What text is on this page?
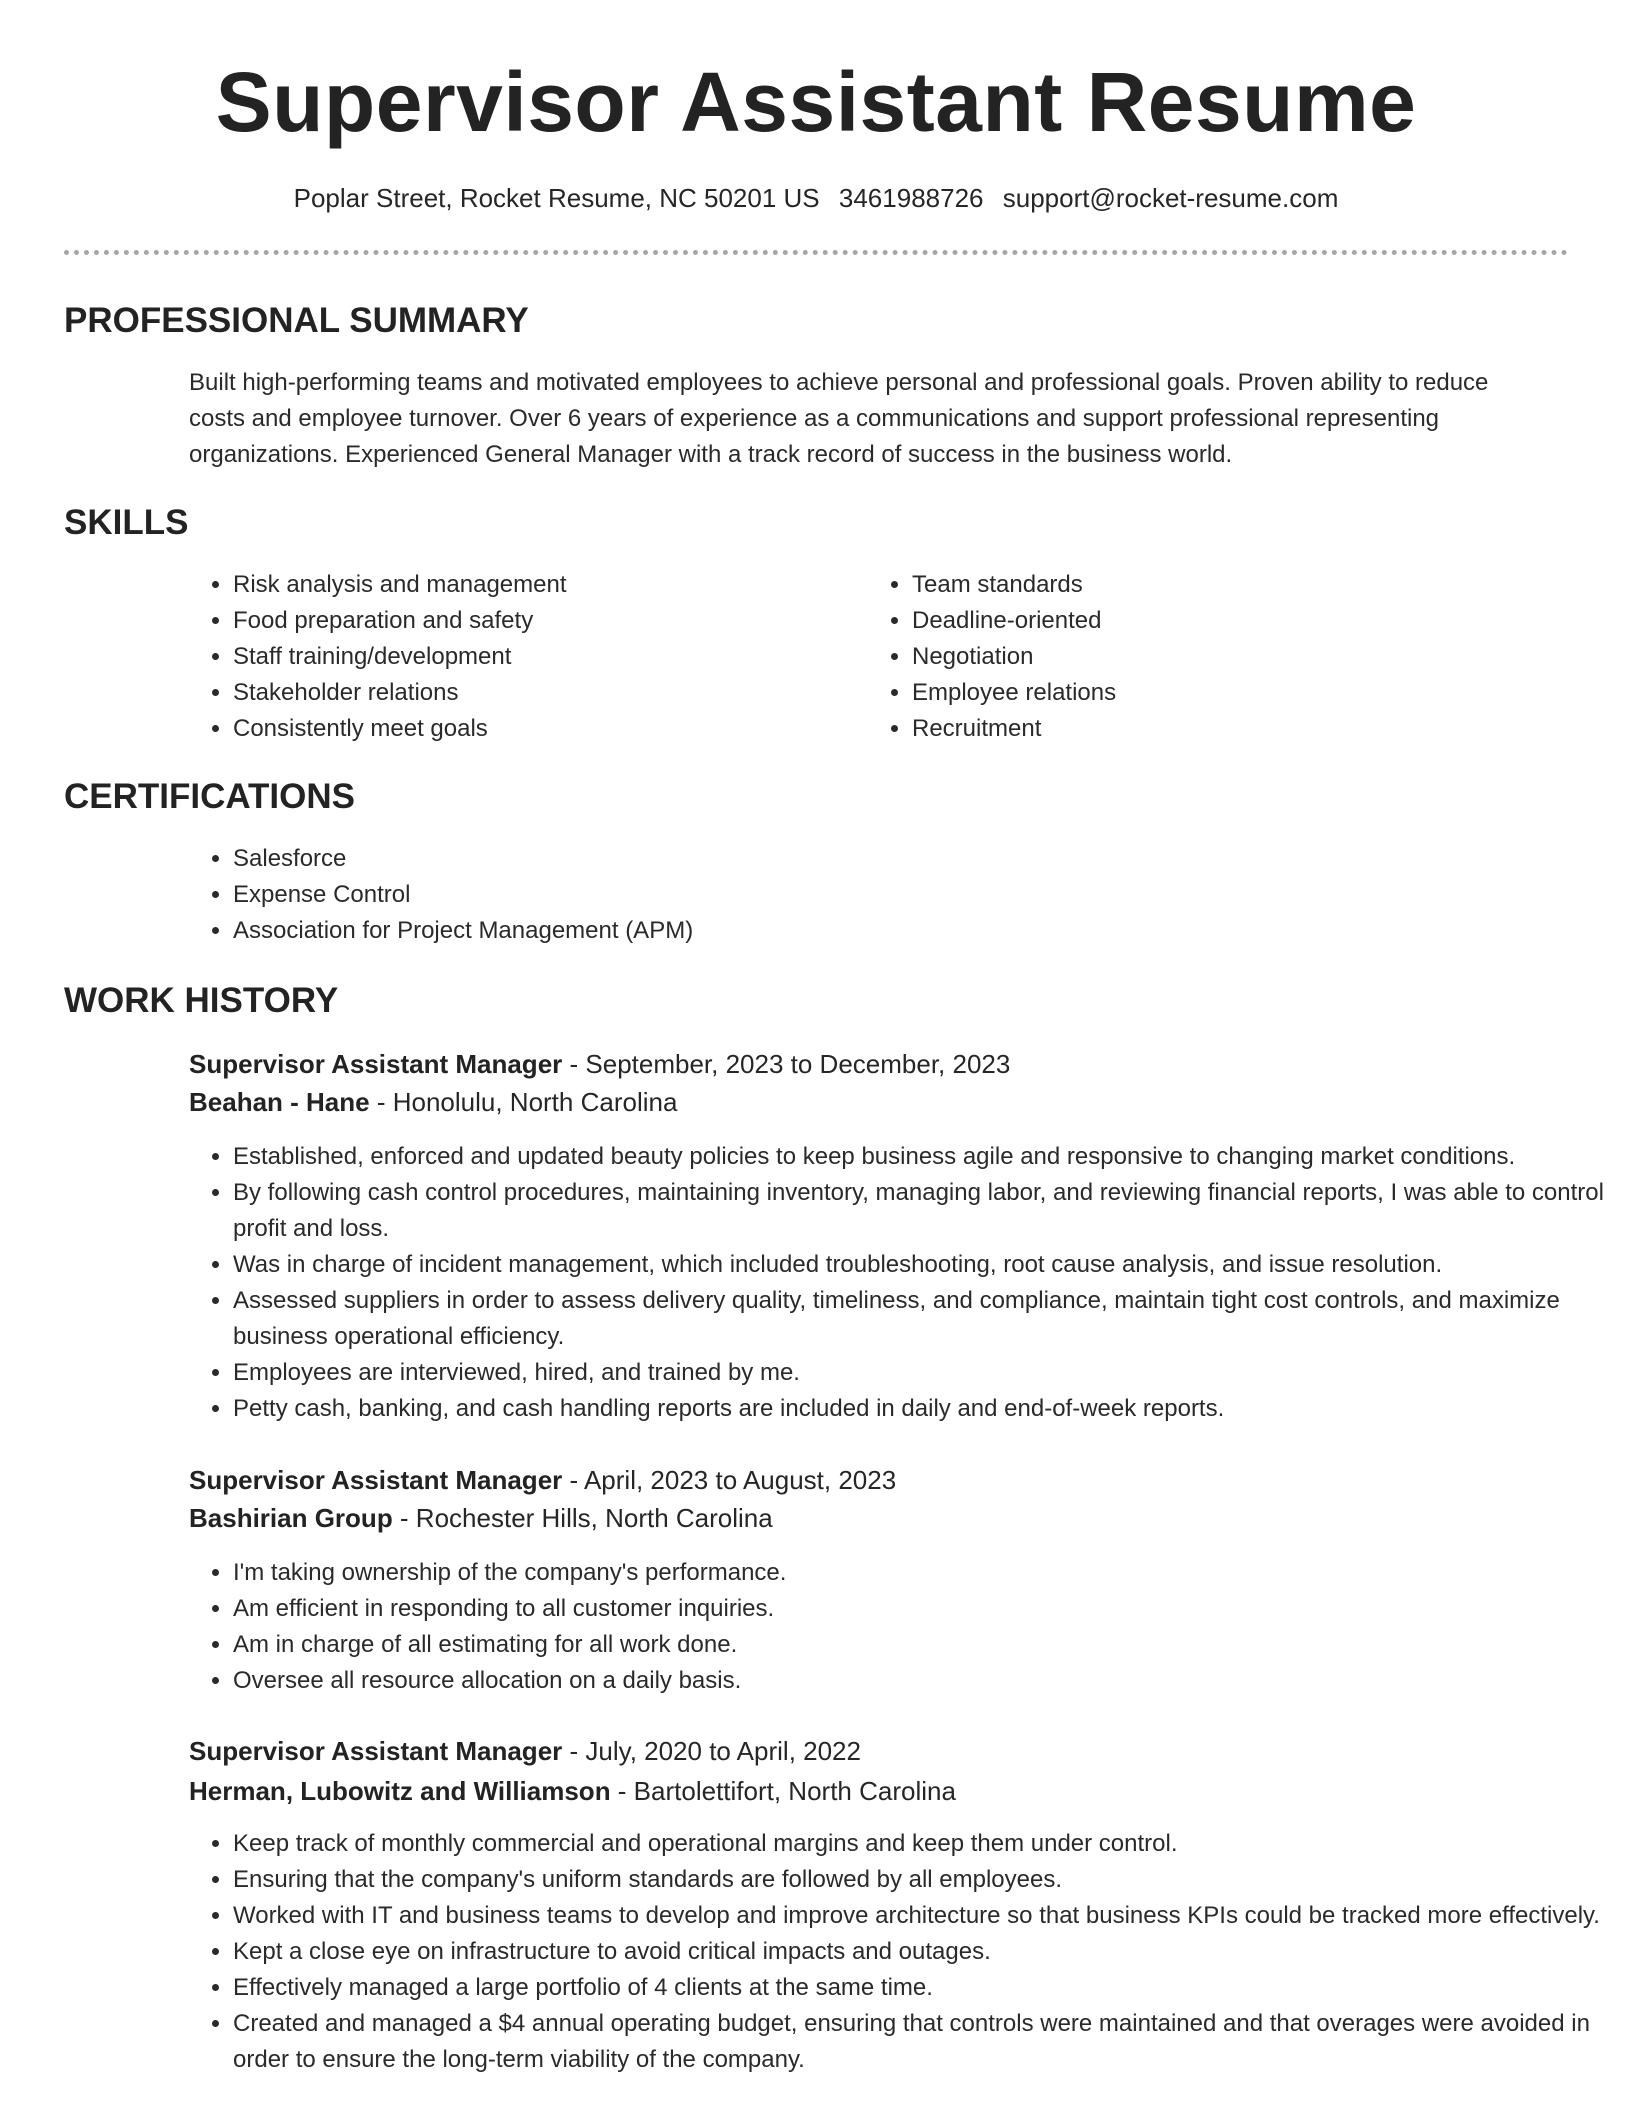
Supervisor Assistant Resume
Poplar Street, Rocket Resume, NC 50201 US 3461988726 support@rocket-resume.com
PROFESSIONAL SUMMARY
Built high-performing teams and motivated employees to achieve personal and professional goals. Proven ability to reduce costs and employee turnover. Over 6 years of experience as a communications and support professional representing organizations. Experienced General Manager with a track record of success in the business world.
SKILLS
• Risk analysis and management
• Food preparation and safety
• Staff training/development
• Stakeholder relations
• Consistently meet goals
• Team standards
• Deadline-oriented
• Negotiation
• Employee relations
• Recruitment
CERTIFICATIONS
• Salesforce
• Expense Control
• Association for Project Management (APM)
WORK HISTORY
Supervisor Assistant Manager - September, 2023 to December, 2023
Beahan - Hane - Honolulu, North Carolina
• Established, enforced and updated beauty policies to keep business agile and responsive to changing market conditions.
• By following cash control procedures, maintaining inventory, managing labor, and reviewing financial reports, I was able to control profit and loss.
• Was in charge of incident management, which included troubleshooting, root cause analysis, and issue resolution.
• Assessed suppliers in order to assess delivery quality, timeliness, and compliance, maintain tight cost controls, and maximize business operational efficiency.
• Employees are interviewed, hired, and trained by me.
• Petty cash, banking, and cash handling reports are included in daily and end-of-week reports.
Supervisor Assistant Manager - April, 2023 to August, 2023
Bashirian Group - Rochester Hills, North Carolina
• I'm taking ownership of the company's performance.
• Am efficient in responding to all customer inquiries.
• Am in charge of all estimating for all work done.
• Oversee all resource allocation on a daily basis.
Supervisor Assistant Manager - July, 2020 to April, 2022
Herman, Lubowitz and Williamson - Bartolettifort, North Carolina
• Keep track of monthly commercial and operational margins and keep them under control.
• Ensuring that the company's uniform standards are followed by all employees.
• Worked with IT and business teams to develop and improve architecture so that business KPIs could be tracked more effectively.
• Kept a close eye on infrastructure to avoid critical impacts and outages.
• Effectively managed a large portfolio of 4 clients at the same time.
• Created and managed a $4 annual operating budget, ensuring that controls were maintained and that overages were avoided in order to ensure the long-term viability of the company.
